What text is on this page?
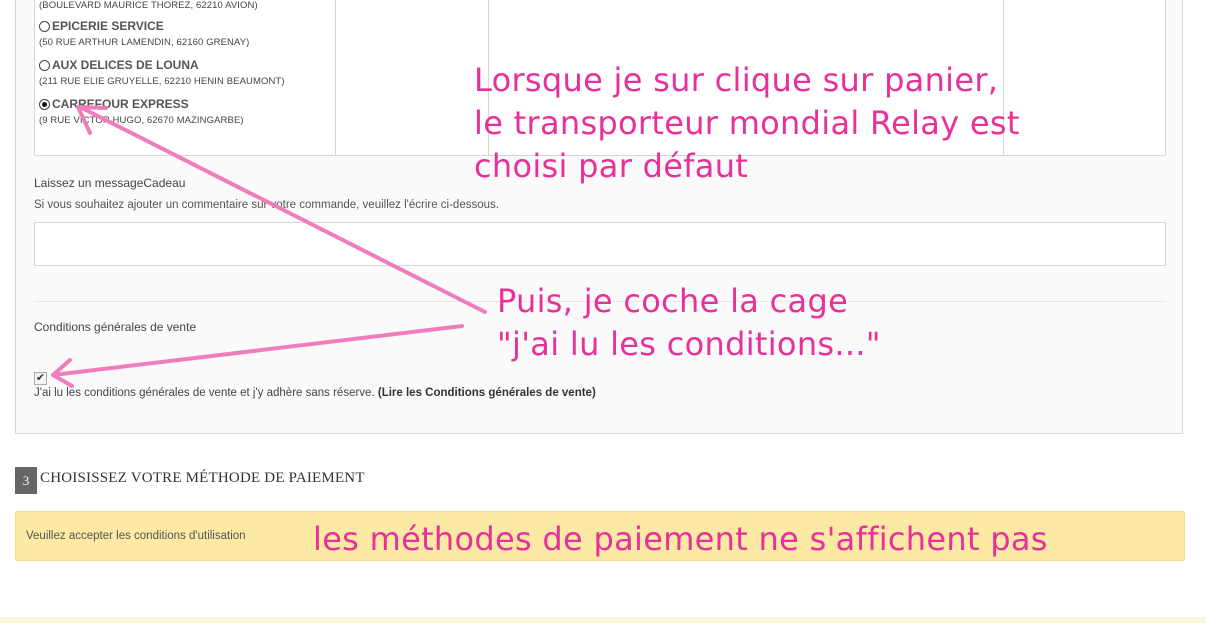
(BOULEVARD MAURICE THOREZ, 62210 AVION)
EPICERIE SERVICE
(50 RUE ARTHUR LAMENDIN, 62160 GRENAY)
AUX DELICES DE LOUNA
(211 RUE ELIE GRUYELLE, 62210 HENIN BEAUMONT)
CARREFOUR EXPRESS
(9 RUE VICTOR HUGO, 62670 MAZINGARBE)
Laissez un messageCadeau
Si vous souhaitez ajouter un commentaire sur votre commande, veuillez l'écrire ci-dessous.
Conditions générales de vente
✔
J'ai lu les conditions générales de vente et j'y adhère sans réserve. (Lire les Conditions générales de vente)
3 CHOISISSEZ VOTRE MÉTHODE DE PAIEMENT
Veuillez accepter les conditions d'utilisation
Lorsque je sur clique sur panier,
le transporteur mondial Relay est
choisi par défaut
Puis, je coche la cage
"j'ai lu les conditions..."
les méthodes de paiement ne s'affichent pas
